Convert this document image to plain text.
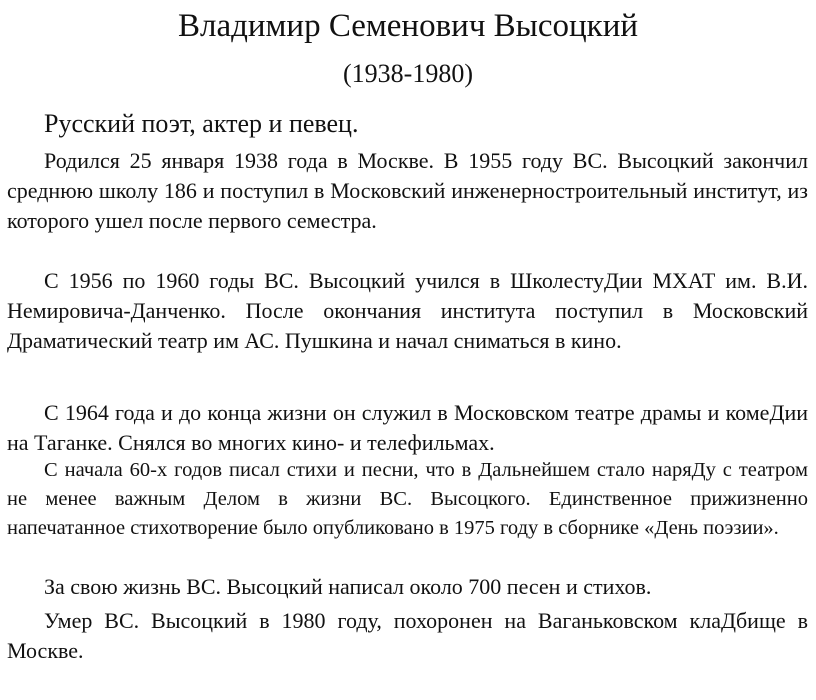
Владимир Семенович Высоцкий
(1938-1980)
Русский поэт, актер и певец.

Родился 25 января 1938 года в Москве. В 1955 году ВС. Высоцкий закончил среднюю школу 186 и поступил в Московский инженерностроительный институт, из которого ушел после первого семестра.

С 1956 по 1960 годы ВС. Высоцкий учился в ШколестуДии МХАТ им. В.И. Немировича-Данченко. После окончания института поступил в Московский Драматический театр им АС. Пушкина и начал сниматься в кино.

С 1964 года и до конца жизни он служил в Московском театре драмы и комеДии на Таганке. Снялся во многих кино- и телефильмах.

С начала 60-х годов писал стихи и песни, что в Дальнейшем стало наряДу с театром не менее важным Делом в жизни ВС. Высоцкого. Единственное прижизненно напечатанное стихотворение было опубликовано в 1975 году в сборнике «День поэзии».

За свою жизнь ВС. Высоцкий написал около 700 песен и стихов.

Умер ВС. Высоцкий в 1980 году, похоронен на Ваганьковском клаДбище в Москве.
